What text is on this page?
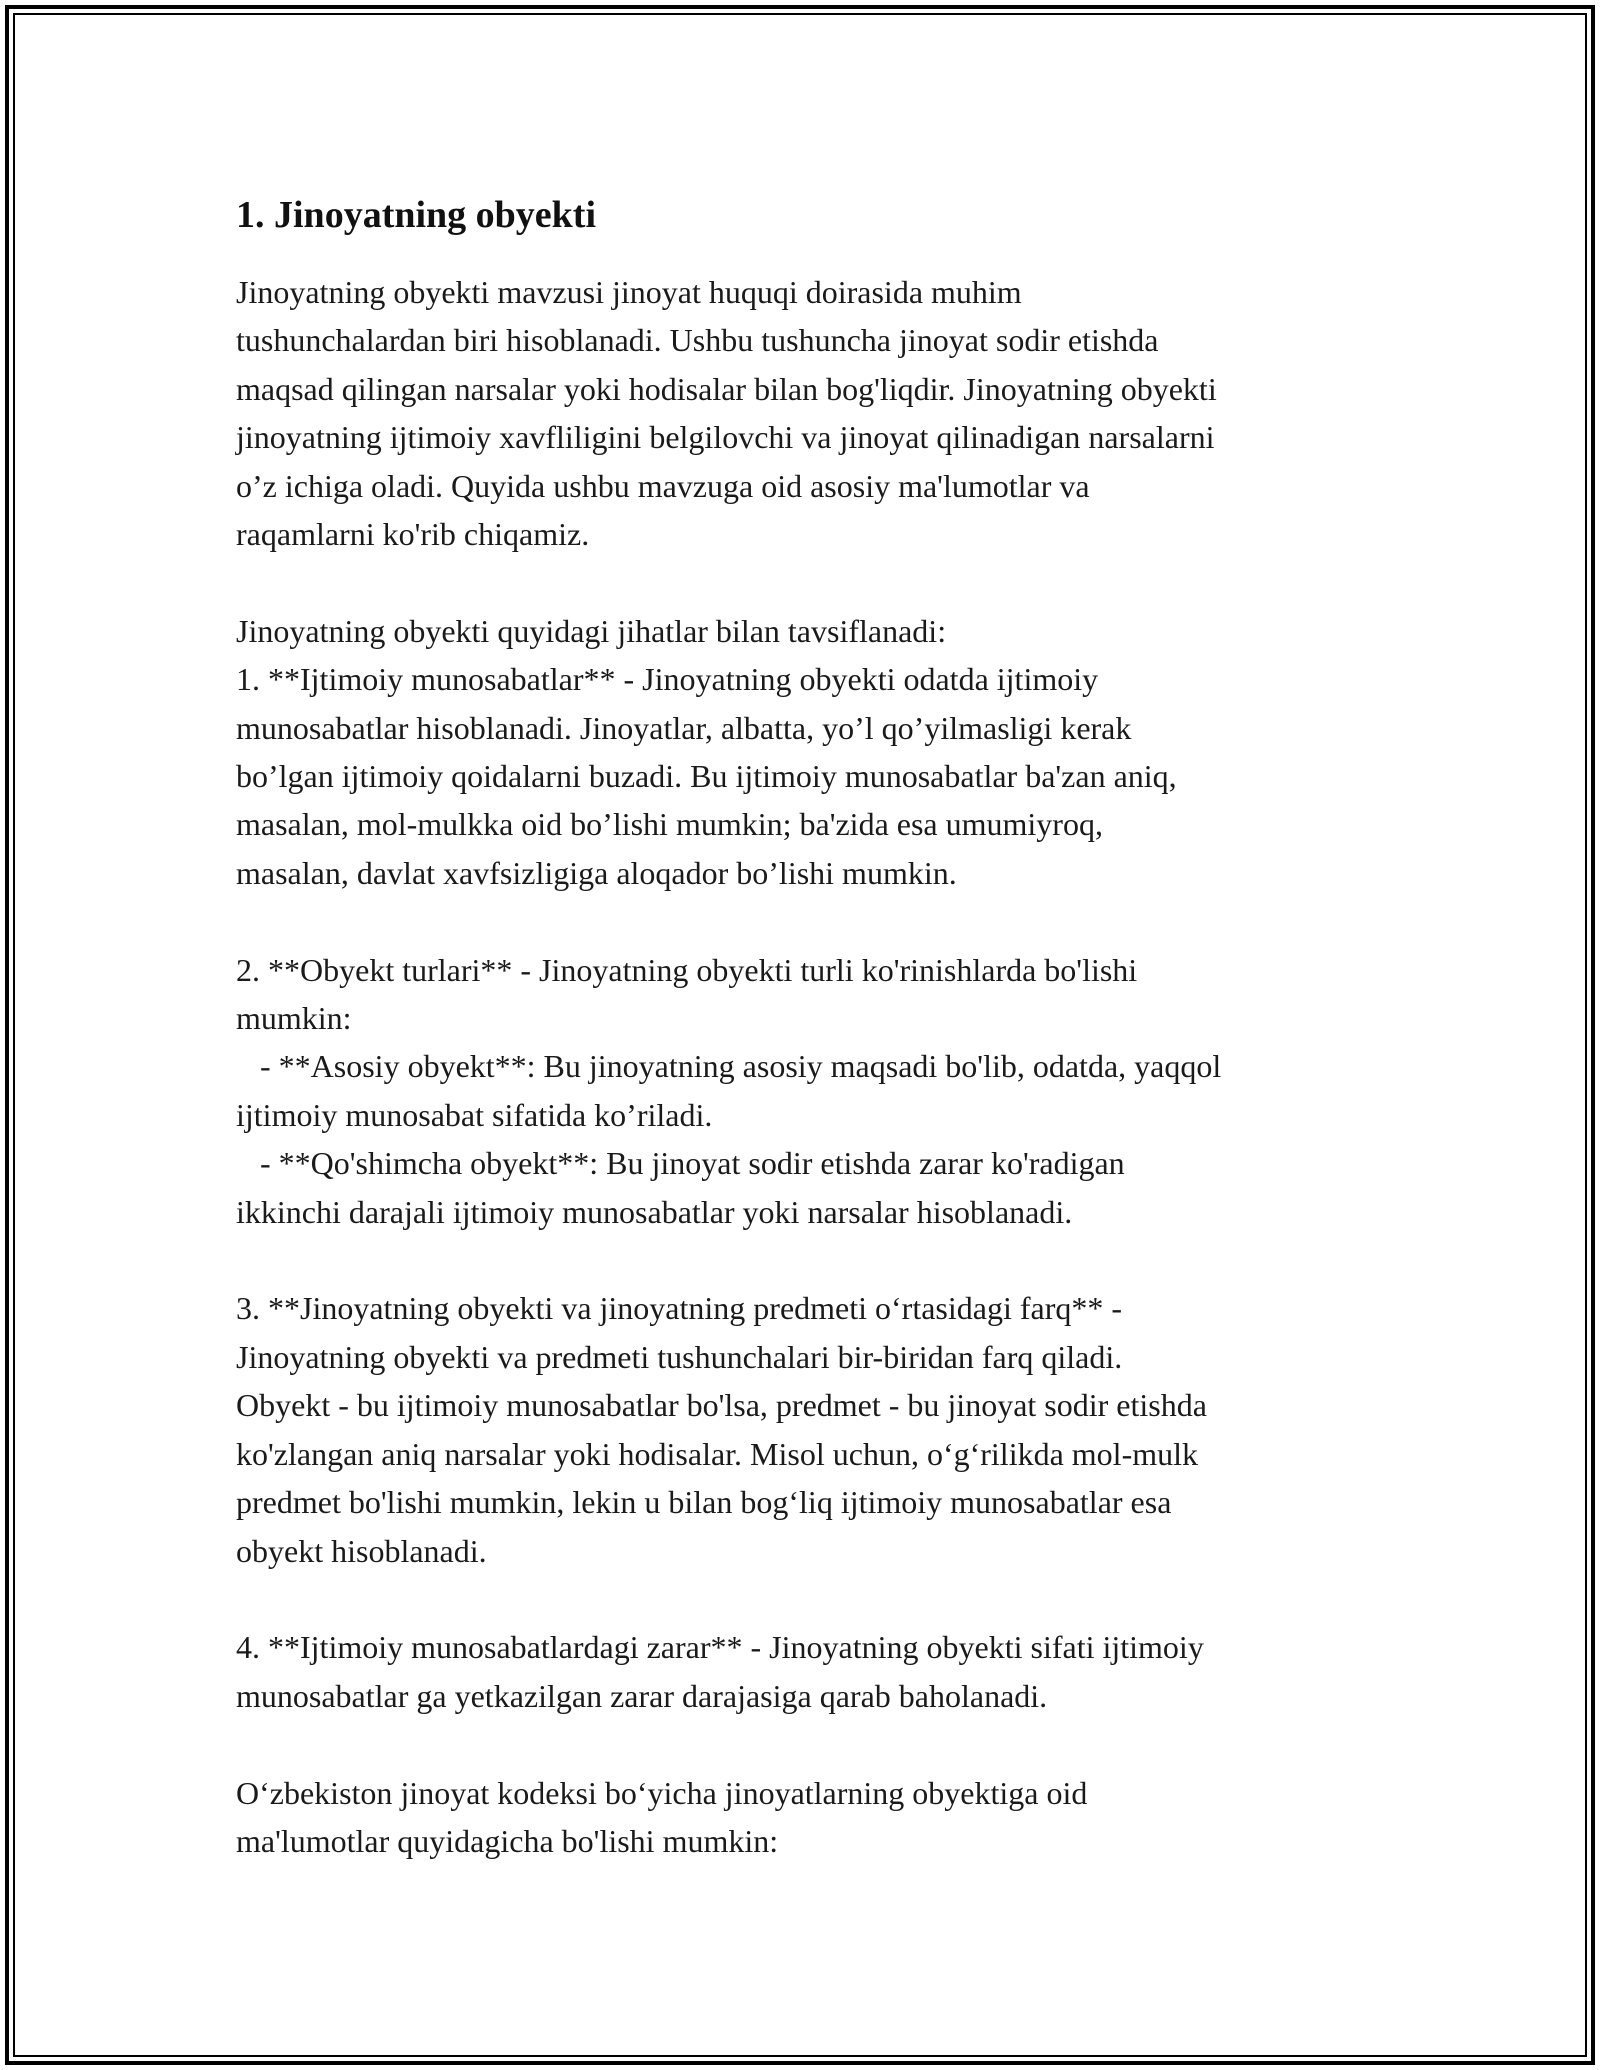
1. Jinoyatning obyekti

Jinoyatning obyekti mavzusi jinoyat huquqi doirasida muhim
tushunchalardan biri hisoblanadi. Ushbu tushuncha jinoyat sodir etishda
maqsad qilingan narsalar yoki hodisalar bilan bog'liqdir. Jinoyatning obyekti
jinoyatning ijtimoiy xavfliligini belgilovchi va jinoyat qilinadigan narsalarni
o’z ichiga oladi. Quyida ushbu mavzuga oid asosiy ma'lumotlar va
raqamlarni ko'rib chiqamiz.

Jinoyatning obyekti quyidagi jihatlar bilan tavsiflanadi:
1. **Ijtimoiy munosabatlar** - Jinoyatning obyekti odatda ijtimoiy
munosabatlar hisoblanadi. Jinoyatlar, albatta, yo’l qo’yilmasligi kerak
bo’lgan ijtimoiy qoidalarni buzadi. Bu ijtimoiy munosabatlar ba'zan aniq,
masalan, mol-mulkka oid bo’lishi mumkin; ba'zida esa umumiyroq,
masalan, davlat xavfsizligiga aloqador bo’lishi mumkin.

2. **Obyekt turlari** - Jinoyatning obyekti turli ko'rinishlarda bo'lishi
mumkin:
- **Asosiy obyekt**: Bu jinoyatning asosiy maqsadi bo'lib, odatda, yaqqol
ijtimoiy munosabat sifatida ko’riladi.
- **Qo'shimcha obyekt**: Bu jinoyat sodir etishda zarar ko'radigan
ikkinchi darajali ijtimoiy munosabatlar yoki narsalar hisoblanadi.

3. **Jinoyatning obyekti va jinoyatning predmeti o‘rtasidagi farq** -
Jinoyatning obyekti va predmeti tushunchalari bir-biridan farq qiladi.
Obyekt - bu ijtimoiy munosabatlar bo'lsa, predmet - bu jinoyat sodir etishda
ko'zlangan aniq narsalar yoki hodisalar. Misol uchun, o‘g‘rilikda mol-mulk
predmet bo'lishi mumkin, lekin u bilan bog‘liq ijtimoiy munosabatlar esa
obyekt hisoblanadi.

4. **Ijtimoiy munosabatlardagi zarar** - Jinoyatning obyekti sifati ijtimoiy
munosabatlar ga yetkazilgan zarar darajasiga qarab baholanadi.

O‘zbekiston jinoyat kodeksi bo‘yicha jinoyatlarning obyektiga oid
ma'lumotlar quyidagicha bo'lishi mumkin:
